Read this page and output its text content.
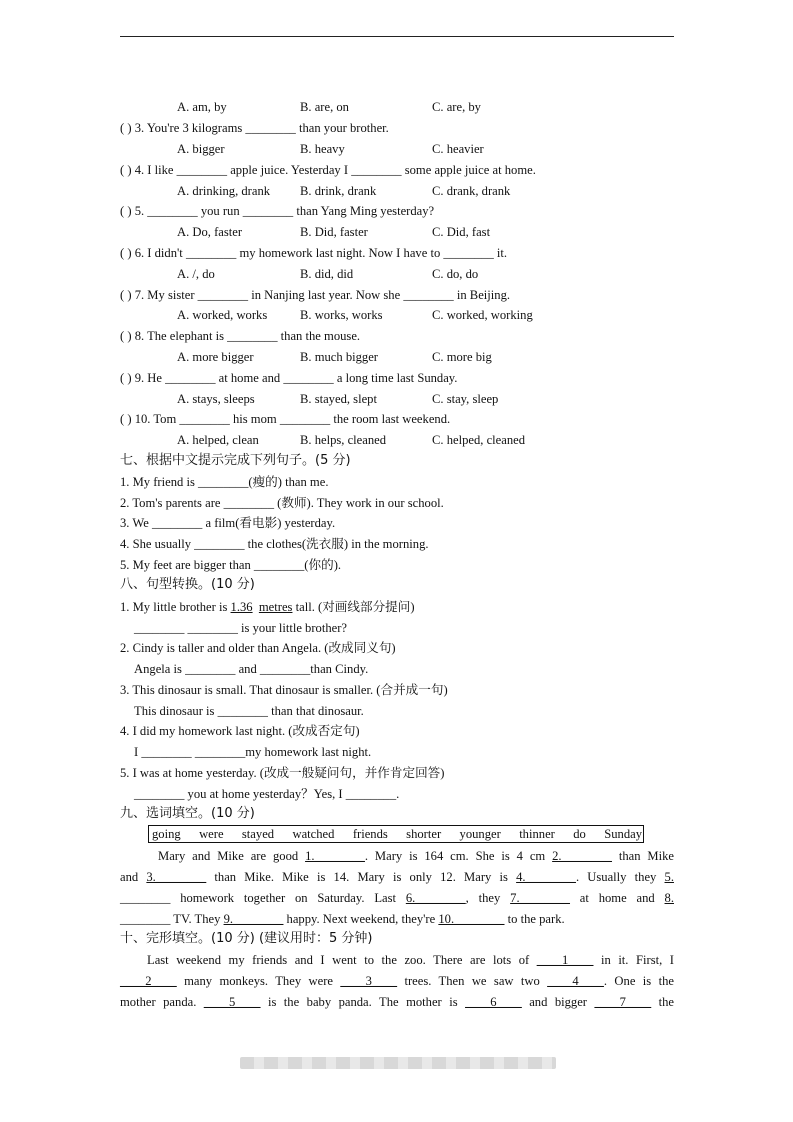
A. am, by	B. are, on	C. are, by
( ) 3. You're 3 kilograms ________ than your brother.
A. bigger	B. heavy	C. heavier
( ) 4. I like ________ apple juice. Yesterday I ________ some apple juice at home.
A. drinking, drank B. drink, drank	C. drank, drank
( ) 5. ________ you run ________ than Yang Ming yesterday?
A. Do, faster	B. Did, faster	C. Did, fast
( ) 6. I didn't ________ my homework last night. Now I have to ________ it.
A. /, do	B. did, did	C. do, do
( ) 7. My sister ________ in Nanjing last year. Now she ________ in Beijing.
A. worked, works	B. works, works	C. worked, working
( ) 8. The elephant is ________ than the mouse.
A. more bigger	B. much bigger	C. more big
( ) 9. He ________ at home and ________ a long time last Sunday.
A. stays, sleeps	B. stayed, slept	C. stay, sleep
( ) 10. Tom ________ his mom ________ the room last weekend.
A. helped, clean	B. helps, cleaned	C. helped, cleaned
七、根据中文提示完成下列句子。(5 分)
1. My friend is ________(瘦的) than me.
2. Tom's parents are ________ (教师). They work in our school.
3. We ________ a film(看电影) yesterday.
4. She usually ________ the clothes(洗衣服) in the morning.
5. My feet are bigger than ________(你的).
八、句型转换。(10 分)
1. My little brother is 1.36 metres tall. (对画线部分提问)
________ ________ is your little brother?
2. Cindy is taller and older than Angela. (改成同义句)
Angela is ________ and ________than Cindy.
3. This dinosaur is small. That dinosaur is smaller. (合并成一句)
This dinosaur is ________ than that dinosaur.
4. I did my homework last night. (改成否定句)
I ________ ________my homework last night.
5. I was at home yesterday. (改成一般疑问句，并作肯定回答)
________ you at home yesterday？Yes, I ________.
九、选词填空。(10 分)
going were stayed watched friends shorter younger thinner do Sunday
Mary and Mike are good 1.________. Mary is 164 cm. She is 4 cm 2.________ than Mike
and 3.________ than Mike. Mike is 14. Mary is only 12. Mary is 4.________. Usually they 5.
________ homework together on Saturday. Last 6.________, they 7.________ at home and 8.
________ TV. They 9.________ happy. Next weekend, they're 10.________ to the park.
十、完形填空。(10 分) (建议用时：5 分钟)
Last weekend my friends and I went to the zoo. There are lots of ____1____ in it. First, I
____2____ many monkeys. They were ____3____ trees. Then we saw two ____4____. One is the
mother panda. ____5____ is the baby panda. The mother is ____6____ and bigger ____7____ the
